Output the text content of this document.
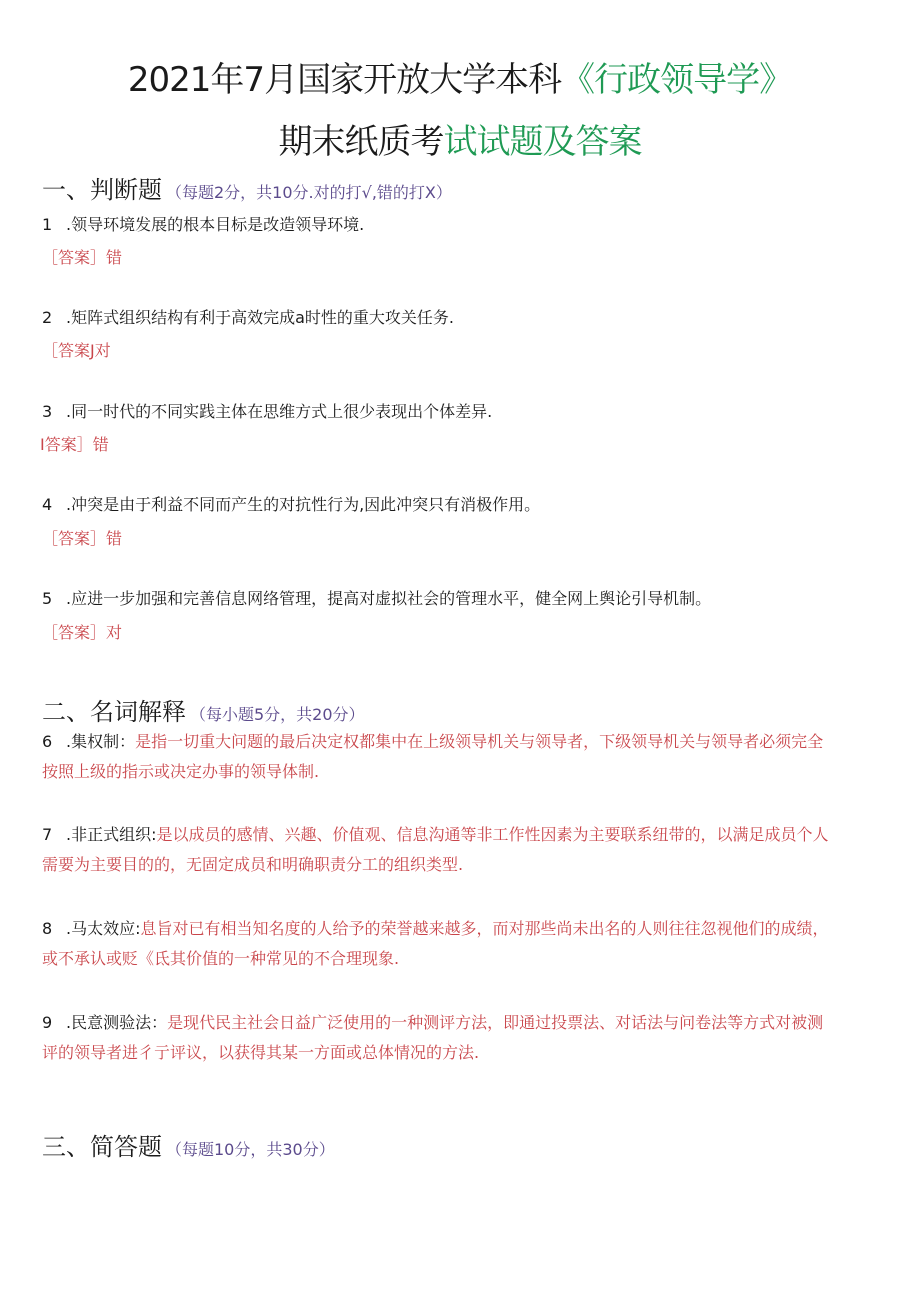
2021年7月国家开放大学本科《行政领导学》
期末纸质考试试题及答案
一、判断题 （每题2分，共10分.对的打√,错的打X）
1 .领导环境发展的根本目标是改造领导环境.
［答案］错
2 .矩阵式组织结构有利于高效完成a时性的重大攻关任务.
［答案J对
3 .同一时代的不同实践主体在思维方式上很少表现出个体差异.
I答案］错
4 .冲突是由于利益不同而产生的对抗性行为,因此冲突只有消极作用。
［答案］错
5 .应进一步加强和完善信息网络管理，提高对虚拟社会的管理水平，健全网上舆论引导机制。
［答案］对
二、名词解释 （每小题5分，共20分）
6 .集权制：是指一切重大问题的最后决定权都集中在上级领导机关与领导者，下级领导机关与领导者必须完全
按照上级的指示或决定办事的领导体制.
7 .非正式组织:是以成员的感情、兴趣、价值观、信息沟通等非工作性因素为主要联系纽带的，以满足成员个人
需要为主要目的的，无固定成员和明确职责分工的组织类型.
8 .马太效应:息旨对已有相当知名度的人给予的荣誉越来越多，而对那些尚未出名的人则往往忽视他们的成绩，
或不承认或贬《氐其价值的一种常见的不合理现象.
9 .民意测验法：是现代民主社会日益广泛使用的一种测评方法，即通过投票法、对话法与问卷法等方式对被测
评的领导者进彳亍评议，以获得其某一方面或总体情况的方法.
三、简答题 （每题10分，共30分）
